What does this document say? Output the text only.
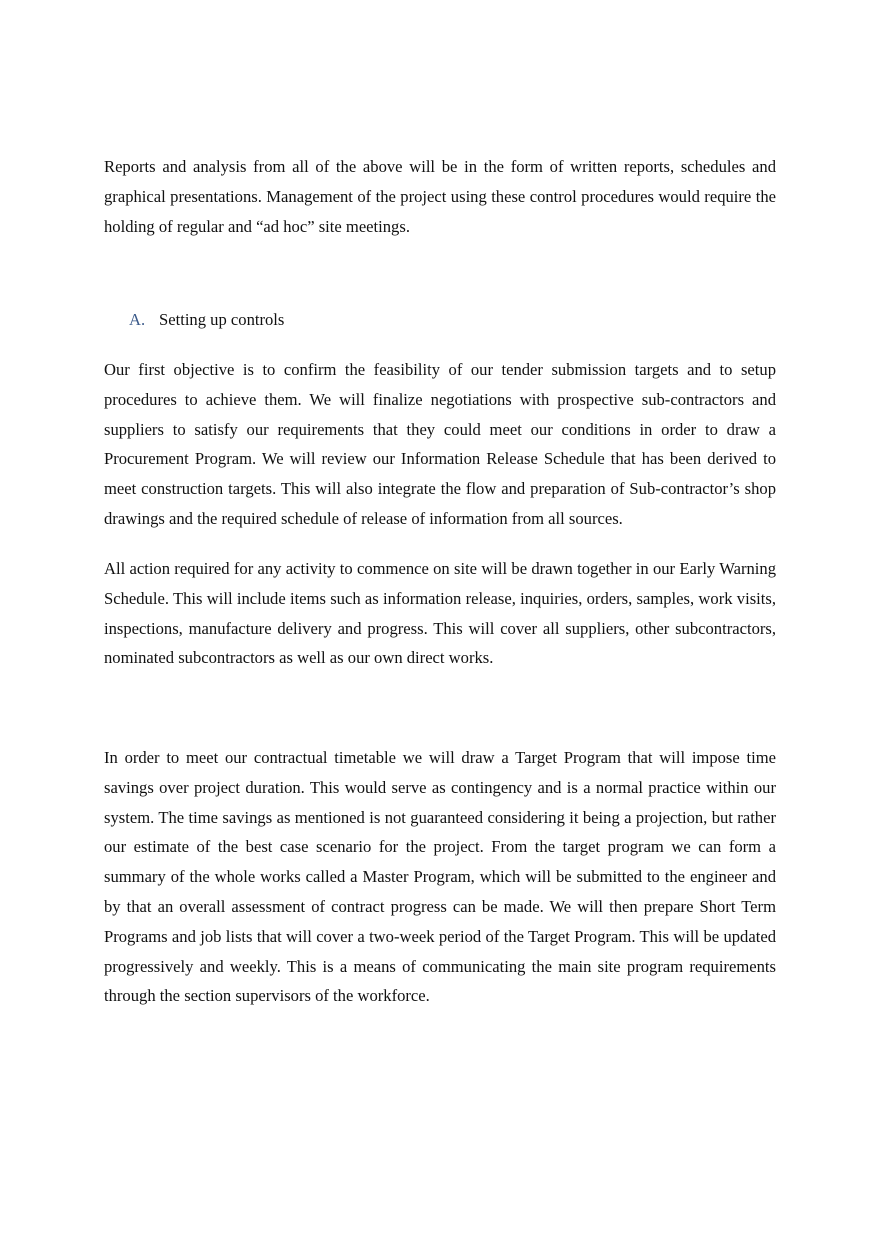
Reports and analysis from all of the above will be in the form of written reports, schedules and graphical presentations. Management of the project using these control procedures would require the holding of regular and “ad hoc” site meetings.

A. Setting up controls

Our first objective is to confirm the feasibility of our tender submission targets and to setup procedures to achieve them. We will finalize negotiations with prospective sub-contractors and suppliers to satisfy our requirements that they could meet our conditions in order to draw a Procurement Program. We will review our Information Release Schedule that has been derived to meet construction targets. This will also integrate the flow and preparation of Sub-contractor’s shop drawings and the required schedule of release of information from all sources.

All action required for any activity to commence on site will be drawn together in our Early Warning Schedule. This will include items such as information release, inquiries, orders, samples, work visits, inspections, manufacture delivery and progress. This will cover all suppliers, other subcontractors, nominated subcontractors as well as our own direct works.

In order to meet our contractual timetable we will draw a Target Program that will impose time savings over project duration. This would serve as contingency and is a normal practice within our system. The time savings as mentioned is not guaranteed considering it being a projection, but rather our estimate of the best case scenario for the project. From the target program we can form a summary of the whole works called a Master Program, which will be submitted to the engineer and by that an overall assessment of contract progress can be made. We will then prepare Short Term Programs and job lists that will cover a two-week period of the Target Program. This will be updated progressively and weekly. This is a means of communicating the main site program requirements through the section supervisors of the workforce.
